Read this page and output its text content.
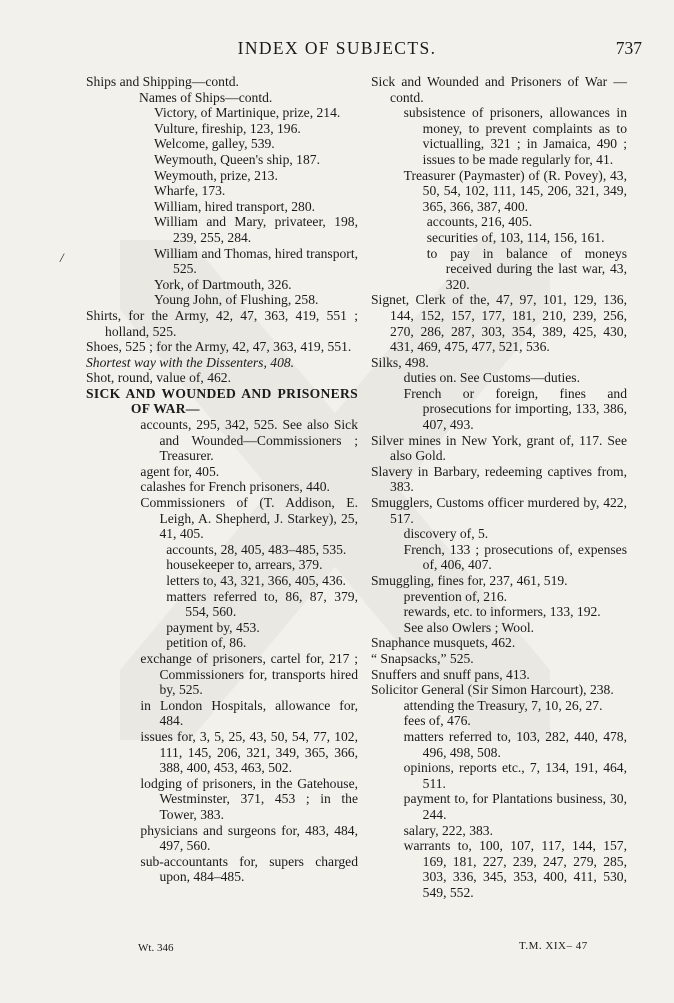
INDEX OF SUBJECTS.	737
/
Ships and Shipping—contd.
Names of Ships—contd.
Victory, of Martinique, prize, 214.
Vulture, fireship, 123, 196.
Welcome, galley, 539.
Weymouth, Queen's ship, 187.
Weymouth, prize, 213.
Wharfe, 173.
William, hired transport, 280.
William and Mary, privateer, 198, 239, 255, 284.
William and Thomas, hired transport, 525.
York, of Dartmouth, 326.
Young John, of Flushing, 258.
Shirts, for the Army, 42, 47, 363, 419, 551 ; holland, 525.
Shoes, 525 ; for the Army, 42, 47, 363, 419, 551.
Shortest way with the Dissenters, 408.
Shot, round, value of, 462.
SICK AND WOUNDED AND PRISONERS OF WAR—
accounts, 295, 342, 525. See also Sick and Wounded—Commissioners ; Treasurer.
agent for, 405.
calashes for French prisoners, 440.
Commissioners of (T. Addison, E. Leigh, A. Shepherd, J. Starkey), 25, 41, 405.
accounts, 28, 405, 483–485, 535.
housekeeper to, arrears, 379.
letters to, 43, 321, 366, 405, 436.
matters referred to, 86, 87, 379, 554, 560.
payment by, 453.
petition of, 86.
exchange of prisoners, cartel for, 217 ; Commissioners for, transports hired by, 525.
in London Hospitals, allowance for, 484.
issues for, 3, 5, 25, 43, 50, 54, 77, 102, 111, 145, 206, 321, 349, 365, 366, 388, 400, 453, 463, 502.
lodging of prisoners, in the Gatehouse, Westminster, 371, 453 ; in the Tower, 383.
physicians and surgeons for, 483, 484, 497, 560.
sub-accountants for, supers charged upon, 484–485.
Sick and Wounded and Prisoners of War —contd.
subsistence of prisoners, allowances in money, to prevent complaints as to victualling, 321 ; in Jamaica, 490 ; issues to be made regularly for, 41.
Treasurer (Paymaster) of (R. Povey), 43, 50, 54, 102, 111, 145, 206, 321, 349, 365, 366, 387, 400.
accounts, 216, 405.
securities of, 103, 114, 156, 161.
to pay in balance of moneys received during the last war, 43, 320.
Signet, Clerk of the, 47, 97, 101, 129, 136, 144, 152, 157, 177, 181, 210, 239, 256, 270, 286, 287, 303, 354, 389, 425, 430, 431, 469, 475, 477, 521, 536.
Silks, 498.
duties on. See Customs—duties.
French or foreign, fines and prosecutions for importing, 133, 386, 407, 493.
Silver mines in New York, grant of, 117. See also Gold.
Slavery in Barbary, redeeming captives from, 383.
Smugglers, Customs officer murdered by, 422, 517.
discovery of, 5.
French, 133 ; prosecutions of, expenses of, 406, 407.
Smuggling, fines for, 237, 461, 519.
prevention of, 216.
rewards, etc. to informers, 133, 192.
See also Owlers ; Wool.
Snaphance musquets, 462.
“ Snapsacks,” 525.
Snuffers and snuff pans, 413.
Solicitor General (Sir Simon Harcourt), 238.
attending the Treasury, 7, 10, 26, 27.
fees of, 476.
matters referred to, 103, 282, 440, 478, 496, 498, 508.
opinions, reports etc., 7, 134, 191, 464, 511.
payment to, for Plantations business, 30, 244.
salary, 222, 383.
warrants to, 100, 107, 117, 144, 157, 169, 181, 227, 239, 247, 279, 285, 303, 336, 345, 353, 400, 411, 530, 549, 552.
Wt. 346	T.M. XIX– 47
